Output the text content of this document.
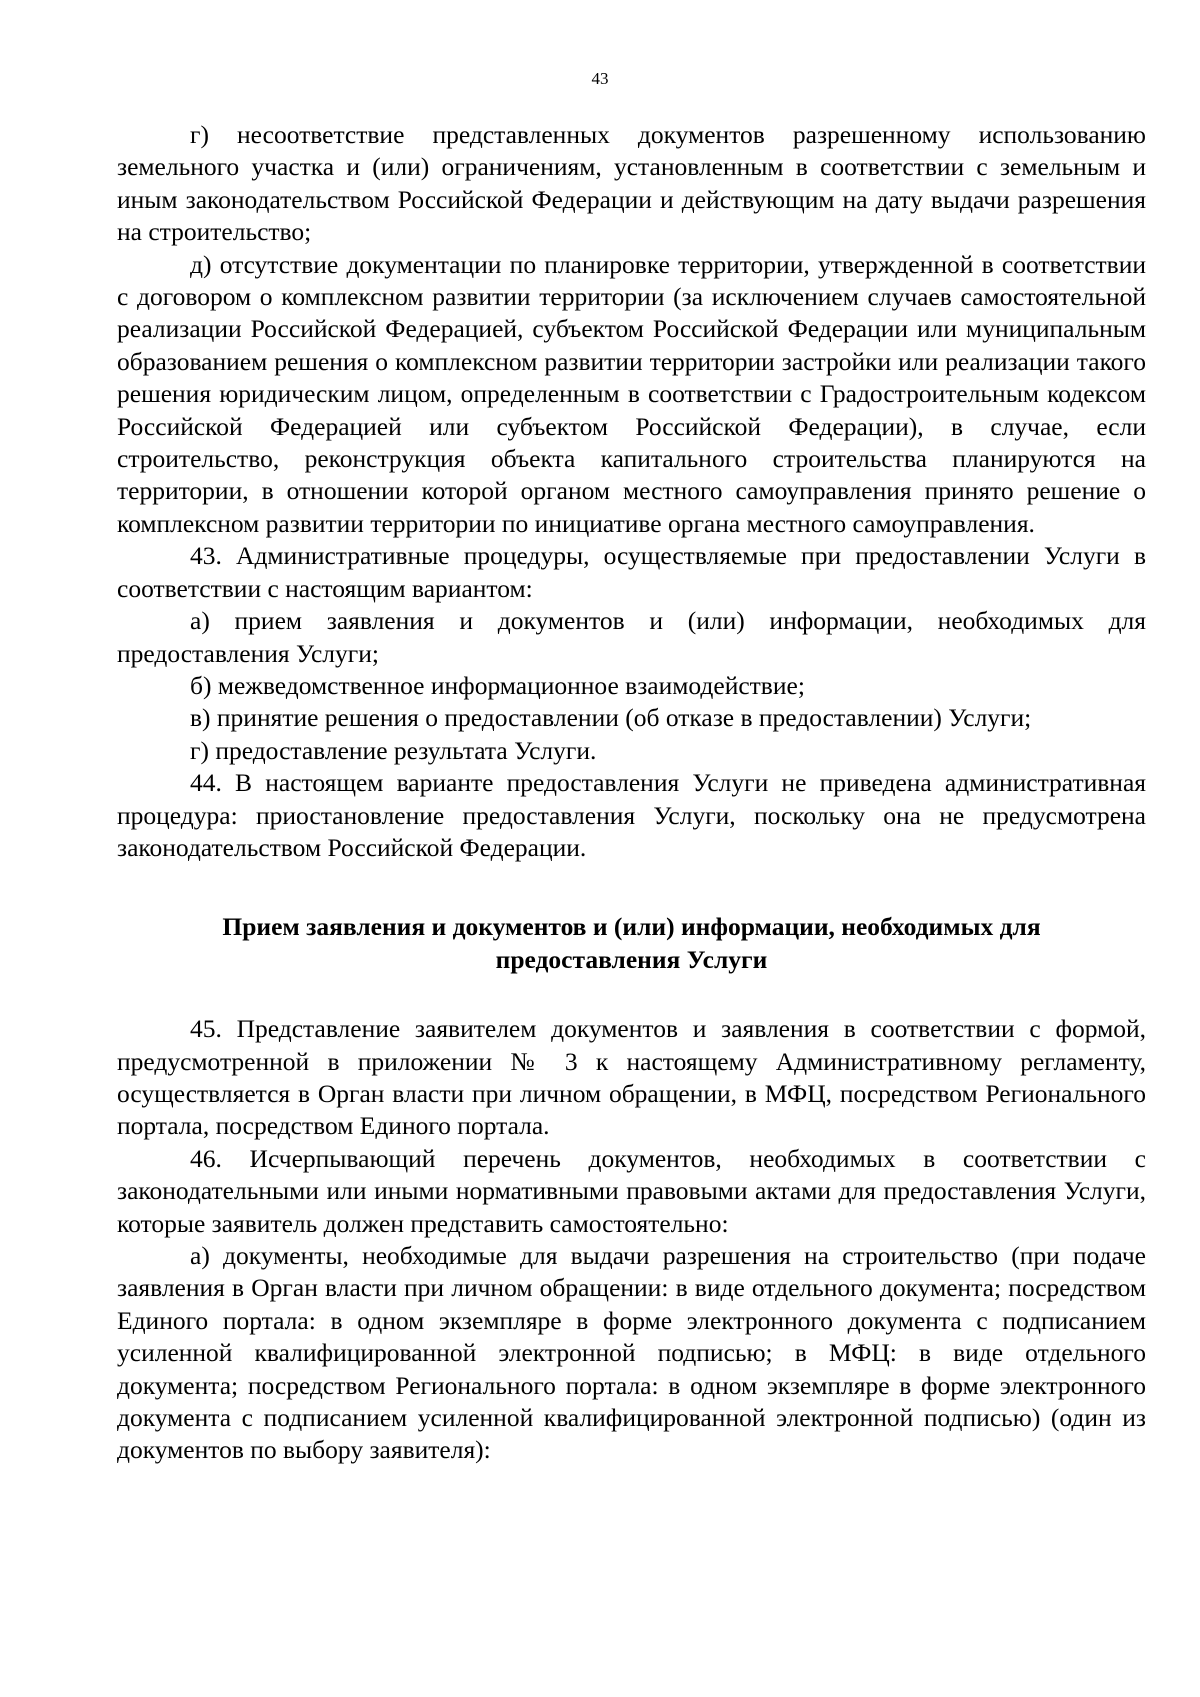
43

г) несоответствие представленных документов разрешенному использованию земельного участка и (или) ограничениям, установленным в соответствии с земельным и иным законодательством Российской Федерации и действующим на дату выдачи разрешения на строительство;

д) отсутствие документации по планировке территории, утвержденной в соответствии с договором о комплексном развитии территории (за исключением случаев самостоятельной реализации Российской Федерацией, субъектом Российской Федерации или муниципальным образованием решения о комплексном развитии территории застройки или реализации такого решения юридическим лицом, определенным в соответствии с Градостроительным кодексом Российской Федерацией или субъектом Российской Федерации), в случае, если строительство, реконструкция объекта капитального строительства планируются на территории, в отношении которой органом местного самоуправления принято решение о комплексном развитии территории по инициативе органа местного самоуправления.

43. Административные процедуры, осуществляемые при предоставлении Услуги в соответствии с настоящим вариантом:

а) прием заявления и документов и (или) информации, необходимых для предоставления Услуги;

б) межведомственное информационное взаимодействие;

в) принятие решения о предоставлении (об отказе в предоставлении) Услуги;

г) предоставление результата Услуги.

44. В настоящем варианте предоставления Услуги не приведена административная процедура: приостановление предоставления Услуги, поскольку она не предусмотрена законодательством Российской Федерации.

Прием заявления и документов и (или) информации, необходимых для
предоставления Услуги

45. Представление заявителем документов и заявления в соответствии с формой, предусмотренной в приложении № 3 к настоящему Административному регламенту, осуществляется в Орган власти при личном обращении, в МФЦ, посредством Регионального портала, посредством Единого портала.

46. Исчерпывающий перечень документов, необходимых в соответствии с законодательными или иными нормативными правовыми актами для предоставления Услуги, которые заявитель должен представить самостоятельно:

а) документы, необходимые для выдачи разрешения на строительство (при подаче заявления в Орган власти при личном обращении: в виде отдельного документа; посредством Единого портала: в одном экземпляре в форме электронного документа с подписанием усиленной квалифицированной электронной подписью; в МФЦ: в виде отдельного документа; посредством Регионального портала: в одном экземпляре в форме электронного документа с подписанием усиленной квалифицированной электронной подписью) (один из документов по выбору заявителя):
